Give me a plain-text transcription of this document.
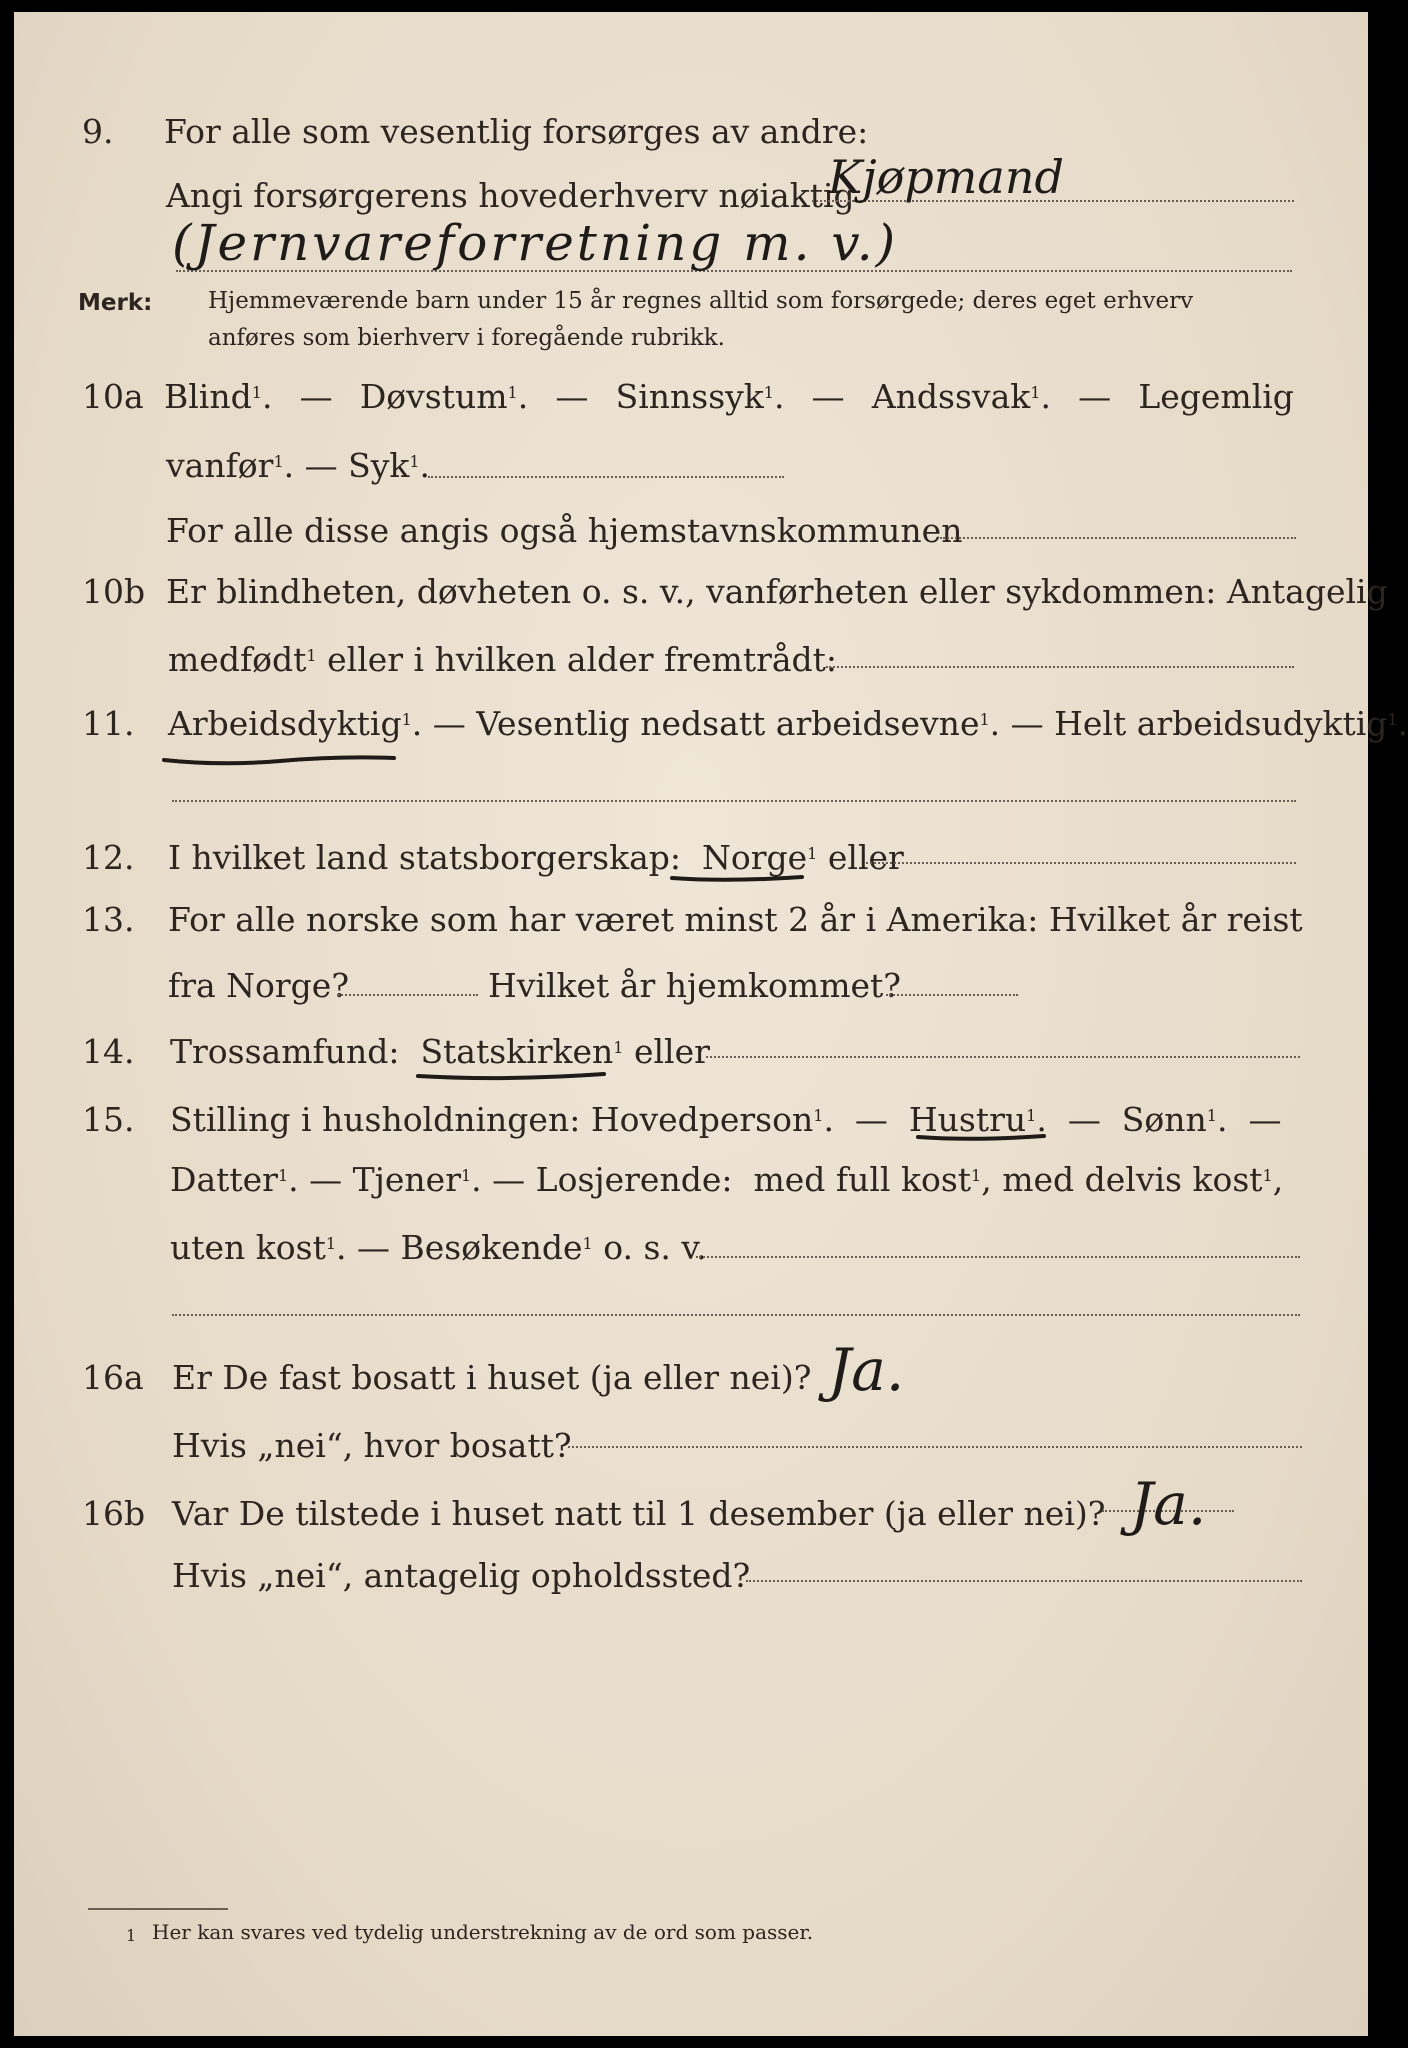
9. For alle som vesentlig forsørges av andre:
Angi forsørgerens hovederhverv nøiaktig
Kjøpmand
(Jernvareforretning m. v.)
Merk: Hjemmeværende barn under 15 år regnes alltid som forsørgede; deres eget erhverv
anføres som bierhverv i foregående rubrikk.
10a Blind$^1$. — Døvstum$^1$. — Sinnssyk$^1$. — Andssvak$^1$. — Legemlig
vanfør$^1$. — Syk$^1$.
For alle disse angis også hjemstavnskommunen
10b Er blindheten, døvheten o. s. v., vanførheten eller sykdommen: Antagelig
medfødt$^1$ eller i hvilken alder fremtrådt:
11. Arbeidsdyktig$^1$. — Vesentlig nedsatt arbeidsevne$^1$. — Helt arbeidsudyktig$^1$.
12. I hvilket land statsborgerskap: Norge$^1$ eller
13. For alle norske som har været minst 2 år i Amerika: Hvilket år reist
fra Norge?	Hvilket år hjemkommet?
14. Trossamfund: Statskirken$^1$ eller
15. Stilling i husholdningen: Hovedperson$^1$.  —  Hustru$^1$.  —  Sønn$^1$.  —
Datter$^1$. — Tjener$^1$. — Losjerende: med full kost$^1$, med delvis kost$^1$,
uten kost$^1$. — Besøkende$^1$ o. s. v.
16a Er De fast bosatt i huset (ja eller nei)? Ja.
Hvis „nei“, hvor bosatt?
16b Var De tilstede i huset natt til 1 desember (ja eller nei)? Ja.
Hvis „nei“, antagelig opholdssted?
1 Her kan svares ved tydelig understrekning av de ord som passer.
